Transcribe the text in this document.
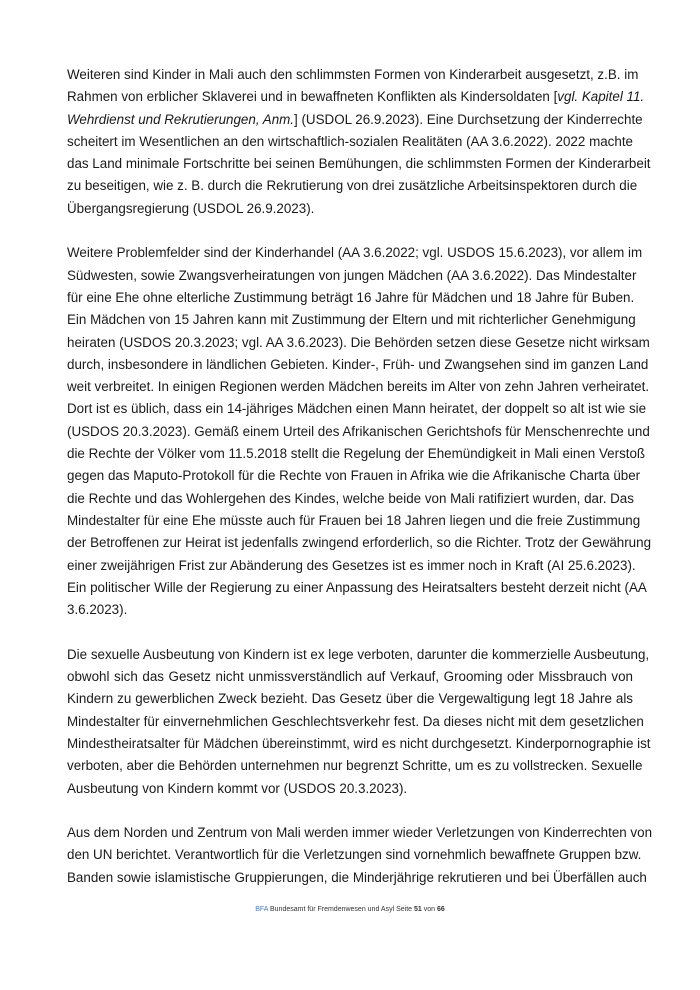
Weiteren sind Kinder in Mali auch den schlimmsten Formen von Kinderarbeit ausgesetzt, z.B. im
Rahmen von erblicher Sklaverei und in bewaffneten Konflikten als Kindersoldaten [vgl. Kapitel 11.
Wehrdienst und Rekrutierungen, Anm.] (USDOL 26.9.2023). Eine Durchsetzung der Kinderrechte
scheitert im Wesentlichen an den wirtschaftlich-sozialen Realitäten (AA 3.6.2022). 2022 machte
das Land minimale Fortschritte bei seinen Bemühungen, die schlimmsten Formen der Kinderarbeit
zu beseitigen, wie z. B. durch die Rekrutierung von drei zusätzliche Arbeitsinspektoren durch die
Übergangsregierung (USDOL 26.9.2023).
Weitere Problemfelder sind der Kinderhandel (AA 3.6.2022; vgl. USDOS 15.6.2023), vor allem im
Südwesten, sowie Zwangsverheiratungen von jungen Mädchen (AA 3.6.2022). Das Mindestalter
für eine Ehe ohne elterliche Zustimmung beträgt 16 Jahre für Mädchen und 18 Jahre für Buben.
Ein Mädchen von 15 Jahren kann mit Zustimmung der Eltern und mit richterlicher Genehmigung
heiraten (USDOS 20.3.2023; vgl. AA 3.6.2023). Die Behörden setzen diese Gesetze nicht wirksam
durch, insbesondere in ländlichen Gebieten. Kinder-, Früh- und Zwangsehen sind im ganzen Land
weit verbreitet. In einigen Regionen werden Mädchen bereits im Alter von zehn Jahren verheiratet.
Dort ist es üblich, dass ein 14-jähriges Mädchen einen Mann heiratet, der doppelt so alt ist wie sie
(USDOS 20.3.2023). Gemäß einem Urteil des Afrikanischen Gerichtshofs für Menschenrechte und
die Rechte der Völker vom 11.5.2018 stellt die Regelung der Ehemündigkeit in Mali einen Verstoß
gegen das Maputo-Protokoll für die Rechte von Frauen in Afrika wie die Afrikanische Charta über
die Rechte und das Wohlergehen des Kindes, welche beide von Mali ratifiziert wurden, dar. Das
Mindestalter für eine Ehe müsste auch für Frauen bei 18 Jahren liegen und die freie Zustimmung
der Betroffenen zur Heirat ist jedenfalls zwingend erforderlich, so die Richter. Trotz der Gewährung
einer zweijährigen Frist zur Abänderung des Gesetzes ist es immer noch in Kraft (AI 25.6.2023).
Ein politischer Wille der Regierung zu einer Anpassung des Heiratsalters besteht derzeit nicht (AA
3.6.2023).
Die sexuelle Ausbeutung von Kindern ist ex lege verboten, darunter die kommerzielle Ausbeutung,
obwohl sich das Gesetz nicht unmissverständlich auf Verkauf, Grooming oder Missbrauch von
Kindern zu gewerblichen Zweck bezieht. Das Gesetz über die Vergewaltigung legt 18 Jahre als
Mindestalter für einvernehmlichen Geschlechtsverkehr fest. Da dieses nicht mit dem gesetzlichen
Mindestheiratsalter für Mädchen übereinstimmt, wird es nicht durchgesetzt. Kinderpornographie ist
verboten, aber die Behörden unternehmen nur begrenzt Schritte, um es zu vollstrecken. Sexuelle
Ausbeutung von Kindern kommt vor (USDOS 20.3.2023).
Aus dem Norden und Zentrum von Mali werden immer wieder Verletzungen von Kinderrechten von
den UN berichtet. Verantwortlich für die Verletzungen sind vornehmlich bewaffnete Gruppen bzw.
Banden sowie islamistische Gruppierungen, die Minderjährige rekrutieren und bei Überfällen auch
BFA Bundesamt für Fremdenwesen und Asyl Seite 51 von 66
